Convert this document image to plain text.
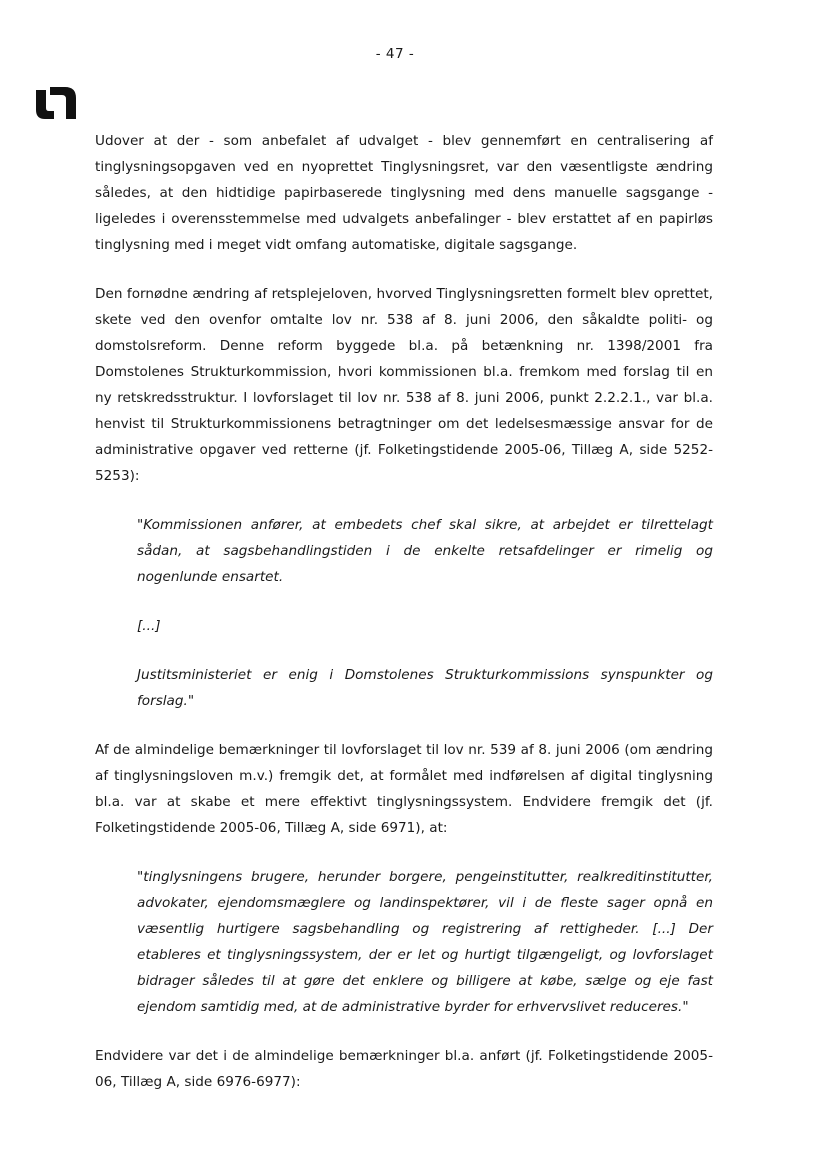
- 47 -

Udover at der - som anbefalet af udvalget - blev gennemført en centralisering af tinglysningsopgaven ved en nyoprettet Tinglysningsret, var den væsentligste ændring således, at den hidtidige papirbaserede tinglysning med dens manuelle sagsgange - ligeledes i overensstemmelse med udvalgets anbefalinger - blev erstattet af en papirløs tinglysning med i meget vidt omfang automatiske, digitale sagsgange.

Den fornødne ændring af retsplejeloven, hvorved Tinglysningsretten formelt blev oprettet, skete ved den ovenfor omtalte lov nr. 538 af 8. juni 2006, den såkaldte politi- og domstolsreform. Denne reform byggede bl.a. på betænkning nr. 1398/2001 fra Domstolenes Strukturkommission, hvori kommissionen bl.a. fremkom med forslag til en ny retskredsstruktur. I lovforslaget til lov nr. 538 af 8. juni 2006, punkt 2.2.2.1., var bl.a. henvist til Strukturkommissionens betragtninger om det ledelsesmæssige ansvar for de administrative opgaver ved retterne (jf. Folketingstidende 2005-06, Tillæg A, side 5252-5253):

"Kommissionen anfører, at embedets chef skal sikre, at arbejdet er tilrettelagt sådan, at sagsbehandlingstiden i de enkelte retsafdelinger er rimelig og nogenlunde ensartet.

[...]

Justitsministeriet er enig i Domstolenes Strukturkommissions synspunkter og forslag."

Af de almindelige bemærkninger til lovforslaget til lov nr. 539 af 8. juni 2006 (om ændring af tinglysningsloven m.v.) fremgik det, at formålet med indførelsen af digital tinglysning bl.a. var at skabe et mere effektivt tinglysningssystem. Endvidere fremgik det (jf. Folketingstidende 2005-06, Tillæg A, side 6971), at:

"tinglysningens brugere, herunder borgere, pengeinstitutter, realkreditinstitutter, advokater, ejendomsmæglere og landinspektører, vil i de fleste sager opnå en væsentlig hurtigere sagsbehandling og registrering af rettigheder. [...] Der etableres et tinglysningssystem, der er let og hurtigt tilgængeligt, og lovforslaget bidrager således til at gøre det enklere og billigere at købe, sælge og eje fast ejendom samtidig med, at de administrative byrder for erhvervslivet reduceres."

Endvidere var det i de almindelige bemærkninger bl.a. anført (jf. Folketingstidende 2005-06, Tillæg A, side 6976-6977):
